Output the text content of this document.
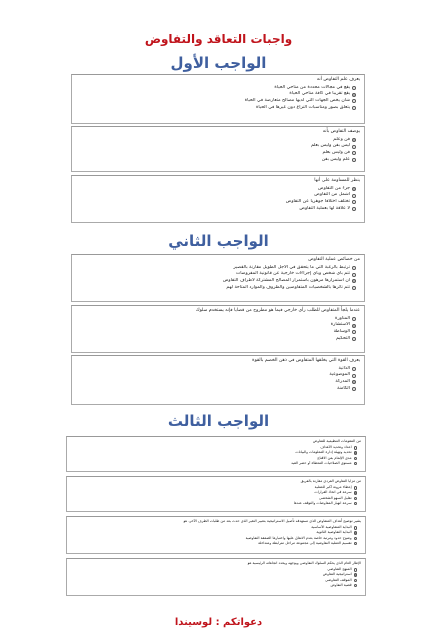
واجبات التعاقد والتفاوض
الواجب الأول

يعرف علم التفاوض أنه

يقع في مجالات محددة من مناحي الحياة
يقع تقريبا في كافة مناحي الحياة
شأن يخص الجهات التي لديها مصالح متعارضة في الحياة
يتعلق بصور ومناسبات النزاع دون غيرها في الحياة

يوصف التفاوض بأنه

فن وعلم
ليس بفن وليس بعلم
فن وليس بعلم
علم وليس بفن

ينظر للمساومة على أنها

جزء من التفاوض
أشمل من التفاوض
تختلف اختلافا جوهريا عن التفاوض
لا علاقة لها بعملية التفاوض
الواجب الثاني

من خصائص عملية التفاوض

ترتبط بالرغبة التي ما يتحقق في الأجل الطويل مقارنة بالقصير
تتم بأي شخص وبأي إجراءات خارجية عن قانونية المفروضات
أن استمرارها مرهون باستمرار المصالح المشتركة لأطراف التفاوض
تتم تأثرها بالشخصيات المتفاوضين والظروف والموارد المتاحة لهم

عندما يلجأ المتفاوض للطلب رأي خارجي فيما هو مطروح من قضايا فإنه يستخدم سلوك

المناورة
الاستشارة
الوساطة
التحكيم

يعرف القوة التي يخلقها المتفاوض في ذهن الخصم بالقوة

الذاتية
الموضوعية
المدركة
الكامنة
الواجب الثالث

من المقومات التنظيمية للتفاوض

اعداد وتحديد الأهداف
تحديد وتهيئة إدارة المعلومات والبيانات
مدى الإلمام بفن الاقناع
مستوى الصلاحيات المعطاة أو حصر القيد

من مزايا التفاوض الفردي مقارنة بالفريق

إعطاء مرونة أكبر للعملية
سرعة في اتخاذ القرارات
تقليل السهو الشخصي
سرعة انهيار المفاوضات والتوقف عندها

يشير توضيح أهداف المتفاوض الذي تستهدفه تأصيل الاستراتيجية بتعبير التغير الذي حدث بعد من طلبات الطرف الآخر، هو

البداية المتفاوضية الأساسية
البداية التفاوضية الثانوية
وضوح حدود ومرتبة خاصة بعدم الاتفاق عليها واختبارها الصفقة التفاوضية
تقسيم العملية التفاوضية إلى مجموعة مراحل مترابطة ومتداخلة

الإطار العام الذي يحكم السلوك التفاوضي ويوجهه ويحدد اتجاهاته الرئيسية هو

المنهج التفاوضي
استراتيجية التفاوض
الموقف التفاوضي
قضية التفاوض

دعواتكم : لوسيندا
